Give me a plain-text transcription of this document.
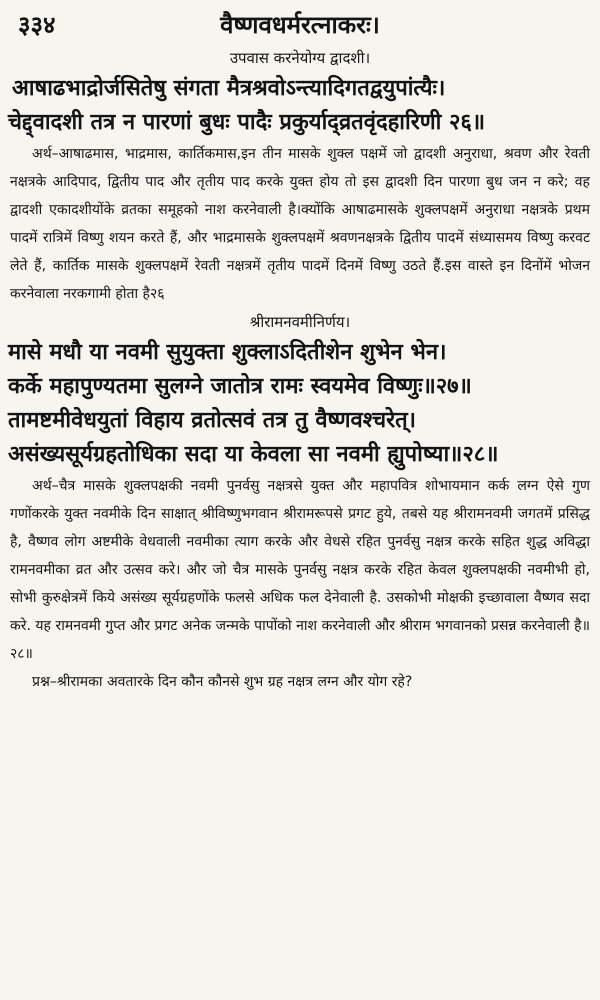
३३४	वैष्णवधर्मरत्नाकरः।
उपवास करनेयोग्य द्वादशी।
आषाढभाद्रोर्जसितेषु संगता मैत्रश्रवोऽन्त्यादिगतद्वयुपांत्यैः।
चेद्द्वादशी तत्र न पारणां बुधः पादैः प्रकुर्याद्व्रतवृंदहारिणी २६॥
अर्थ–आषाढमास, भाद्रमास, कार्तिकमास,इन तीन मासके शुक्ल पक्षमें जो द्वादशी अनुराधा, श्रवण और रेवती नक्षत्रके आदिपाद, द्वितीय पाद और तृतीय पाद करके युक्त होय तो इस द्वादशी दिन पारणा बुध जन न करे; वह द्वादशी एकादशीयोंके व्रतका समूहको नाश करनेवाली है।क्योंकि आषाढमासके शुक्लपक्षमें अनुराधा नक्षत्रके प्रथम पादमें रात्रिमें विष्णु शयन करते हैं, और भाद्रमासके शुक्लपक्षमें श्रवणनक्षत्रके द्वितीय पादमें संध्यासमय विष्णु करवट लेते हैं, कार्तिक मासके शुक्लपक्षमें रेवती नक्षत्रमें तृतीय पादमें दिनमें विष्णु उठते हैं.इस वास्ते इन दिनोंमें भोजन करनेवाला नरकगामी होता है२६
श्रीरामनवमीनिर्णय।
मासे मधौ या नवमी सुयुक्ता शुक्लाऽदितीशेन शुभेन भेन।
कर्के महापुण्यतमा सुलग्ने जातोत्र रामः स्वयमेव विष्णुः॥२७॥
तामष्टमीवेधयुतां विहाय व्रतोत्सवं तत्र तु वैष्णवश्चरेत्।
असंख्यसूर्यग्रहतोधिका सदा या केवला सा नवमी ह्युपोष्या॥२८॥
अर्थ–चैत्र मासके शुक्लपक्षकी नवमी पुनर्वसु नक्षत्रसे युक्त और महापवित्र शोभायमान कर्क लग्न ऐसे गुण गणोंकरके युक्त नवमीके दिन साक्षात् श्रीविष्णुभगवान श्रीरामरूपसे प्रगट हुये, तबसे यह श्रीरामनवमी जगतमें प्रसिद्ध है, वैष्णव लोग अष्टमीके वेधवाली नवमीका त्याग करके और वेधसे रहित पुनर्वसु नक्षत्र करके सहित शुद्ध अविद्धा रामनवमीका व्रत और उत्सव करे। और जो चैत्र मासके पुनर्वसु नक्षत्र करके रहित केवल शुक्लपक्षकी नवमीभी हो, सोभी कुरुक्षेत्रमें किये असंख्य सूर्यग्रहणोंके फलसे अधिक फल देनेवाली है. उसकोभी मोक्षकी इच्छावाला वैष्णव सदा करे. यह रामनवमी गुप्त और प्रगट अनेक जन्मके पापोंको नाश करनेवाली और श्रीराम भगवानको प्रसन्न करनेवाली है॥ २८॥
प्रश्न–श्रीरामका अवतारके दिन कौन कौनसे शुभ ग्रह नक्षत्र लग्न और योग रहे?
